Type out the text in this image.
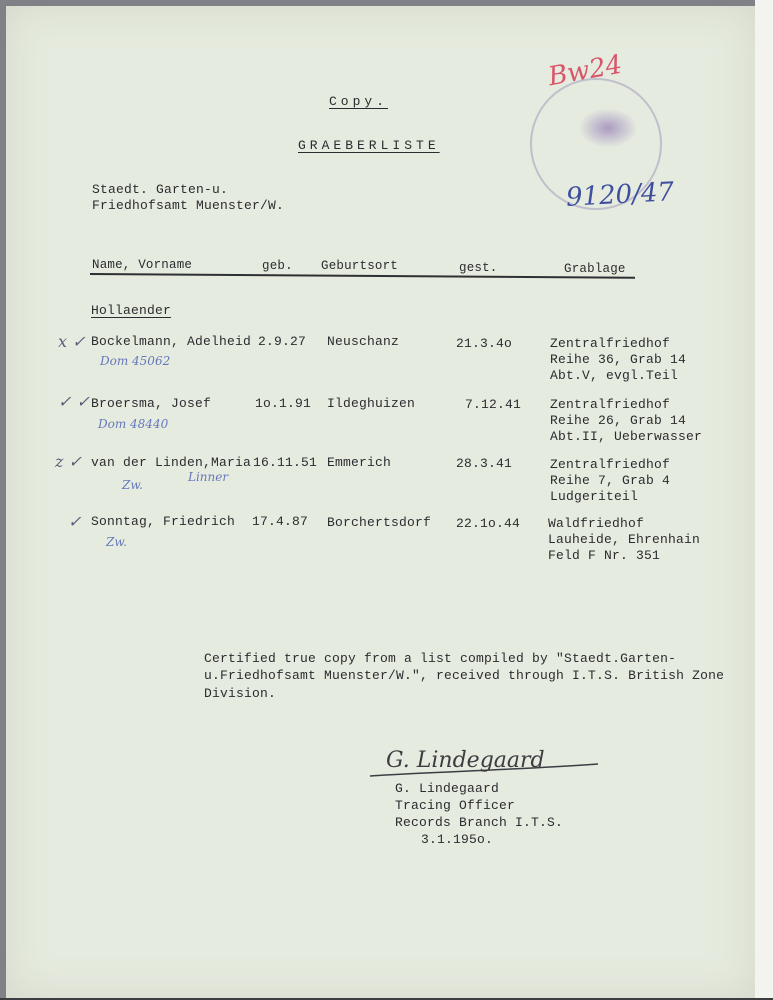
Bw24
9120/47
Copy.
GRAEBERLISTE
Staedt. Garten-u.
Friedhofsamt Muenster/W.
Name, Vorname	geb. Geburtsort	gest.	Grablage
Hollaender
x ✓ Bockelmann, Adelheid 2.9.27 Neuschanz	21.3.4o	Zentralfriedhof
Reihe 36, Grab 14
Abt.V, evgl.Teil
Dom 45062
✓ ✓ Broersma, Josef	1o.1.91 Ildeghuizen	7.12.41 Zentralfriedhof
Reihe 26, Grab 14
Abt.II, Ueberwasser
Dom 48440
z ✓ van der Linden,Maria 16.11.51 Emmerich	28.3.41	Zentralfriedhof
Reihe 7, Grab 4
Ludgeriteil
Zw.
Linner
✓ Sonntag, Friedrich 17.4.87 Borchertsdorf 22.1o.44 Waldfriedhof
Lauheide, Ehrenhain
Feld F Nr. 351
Zw.
Certified true copy from a list compiled by "Staedt.Garten-
u.Friedhofsamt Muenster/W.", received through I.T.S. British Zone
Division.
G. Lindegaard
G. Lindegaard
Tracing Officer
Records Branch I.T.S.
3.1.195o.
